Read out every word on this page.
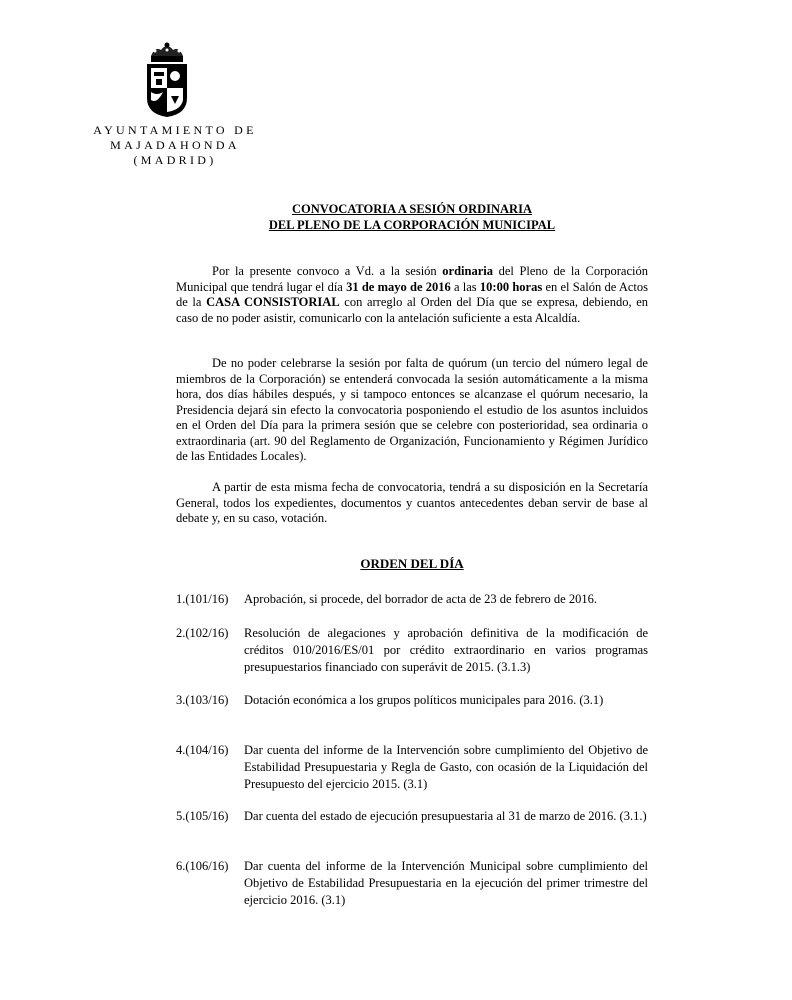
AYUNTAMIENTO DE
MAJADAHONDA
(MADRID)
CONVOCATORIA A SESIÓN ORDINARIA
DEL PLENO DE LA CORPORACIÓN MUNICIPAL

Por la presente convoco a Vd. a la sesión ordinaria del Pleno de la Corporación Municipal que tendrá lugar el día 31 de mayo de 2016 a las 10:00 horas en el Salón de Actos de la CASA CONSISTORIAL con arreglo al Orden del Día que se expresa, debiendo, en caso de no poder asistir, comunicarlo con la antelación suficiente a esta Alcaldía.

De no poder celebrarse la sesión por falta de quórum (un tercio del número legal de miembros de la Corporación) se entenderá convocada la sesión automáticamente a la misma hora, dos días hábiles después, y si tampoco entonces se alcanzase el quórum necesario, la Presidencia dejará sin efecto la convocatoria posponiendo el estudio de los asuntos incluidos en el Orden del Día para la primera sesión que se celebre con posterioridad, sea ordinaria o extraordinaria (art. 90 del Reglamento de Organización, Funcionamiento y Régimen Jurídico de las Entidades Locales).

A partir de esta misma fecha de convocatoria, tendrá a su disposición en la Secretaría General, todos los expedientes, documentos y cuantos antecedentes deban servir de base al debate y, en su caso, votación.

ORDEN DEL DÍA
1.(101/16)	Aprobación, si procede, del borrador de acta de 23 de febrero de 2016.
2.(102/16)	Resolución de alegaciones y aprobación definitiva de la modificación de créditos 010/2016/ES/01 por crédito extraordinario en varios programas presupuestarios financiado con superávit de 2015. (3.1.3)
3.(103/16)	Dotación económica a los grupos políticos municipales para 2016. (3.1)
4.(104/16)	Dar cuenta del informe de la Intervención sobre cumplimiento del Objetivo de Estabilidad Presupuestaria y Regla de Gasto, con ocasión de la Liquidación del Presupuesto del ejercicio 2015. (3.1)
5.(105/16)	Dar cuenta del estado de ejecución presupuestaria al 31 de marzo de 2016. (3.1.)
6.(106/16)	Dar cuenta del informe de la Intervención Municipal sobre cumplimiento del Objetivo de Estabilidad Presupuestaria en la ejecución del primer trimestre del ejercicio 2016. (3.1)
